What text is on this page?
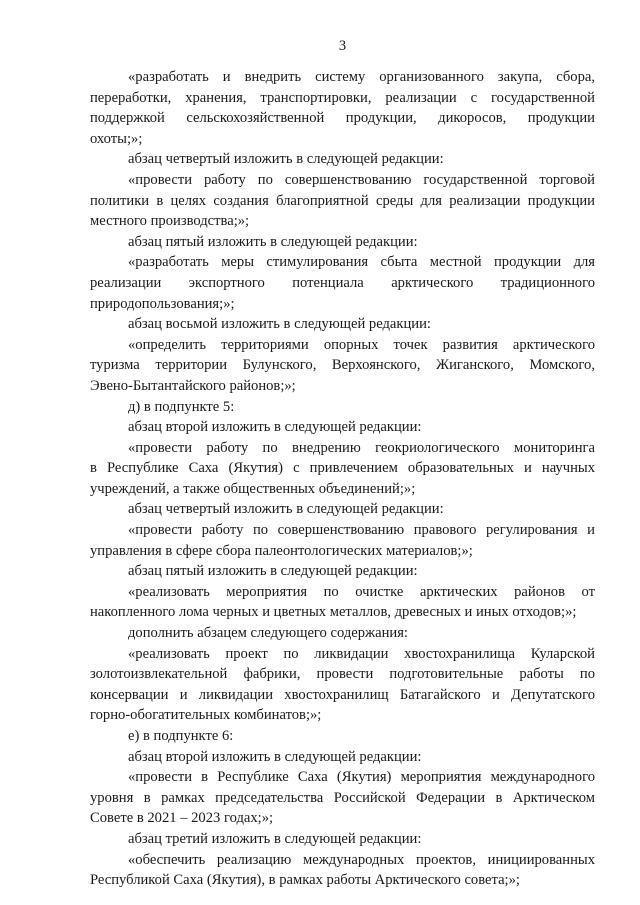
3
«разработать и внедрить систему организованного закупа, сбора,
переработки, хранения, транспортировки, реализации с государственной
поддержкой сельскохозяйственной продукции, дикоросов, продукции
охоты;»;
абзац четвертый изложить в следующей редакции:
«провести работу по совершенствованию государственной торговой
политики в целях создания благоприятной среды для реализации продукции
местного производства;»;
абзац пятый изложить в следующей редакции:
«разработать меры стимулирования сбыта местной продукции для
реализации экспортного потенциала арктического традиционного
природопользования;»;
абзац восьмой изложить в следующей редакции:
«определить территориями опорных точек развития арктического
туризма территории Булунского, Верхоянского, Жиганского, Момского,
Эвено-Бытантайского районов;»;
д) в подпункте 5:
абзац второй изложить в следующей редакции:
«провести работу по внедрению геокриологического мониторинга
в Республике Саха (Якутия) с привлечением образовательных и научных
учреждений, а также общественных объединений;»;
абзац четвертый изложить в следующей редакции:
«провести работу по совершенствованию правового регулирования и
управления в сфере сбора палеонтологических материалов;»;
абзац пятый изложить в следующей редакции:
«реализовать мероприятия по очистке арктических районов от
накопленного лома черных и цветных металлов, древесных и иных отходов;»;
дополнить абзацем следующего содержания:
«реализовать проект по ликвидации хвостохранилища Куларской
золотоизвлекательной фабрики, провести подготовительные работы по
консервации и ликвидации хвостохранилищ Батагайского и Депутатского
горно-обогатительных комбинатов;»;
е) в подпункте 6:
абзац второй изложить в следующей редакции:
«провести в Республике Саха (Якутия) мероприятия международного
уровня в рамках председательства Российской Федерации в Арктическом
Совете в 2021 – 2023 годах;»;
абзац третий изложить в следующей редакции:
«обеспечить реализацию международных проектов, инициированных
Республикой Саха (Якутия), в рамках работы Арктического совета;»;
